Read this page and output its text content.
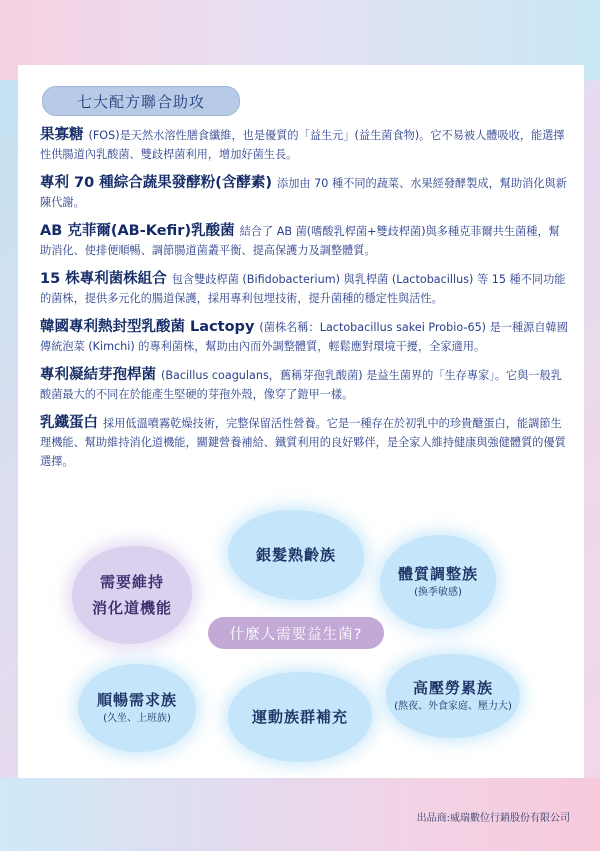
七大配方聯合助攻

果寡糖 (FOS)是天然水溶性膳食纖維，也是優質的「益生元」(益生菌食物)。它不易被人體吸收，能選擇性供腸道內乳酸菌、雙歧桿菌利用，增加好菌生長。

專利 70 種綜合蔬果發酵粉(含酵素) 添加由 70 種不同的蔬菜、水果經發酵製成，幫助消化與新陳代謝。

AB 克菲爾(AB-Kefir)乳酸菌 結合了 AB 菌(嗜酸乳桿菌+雙歧桿菌)與多種克菲爾共生菌種，幫助消化、使排便順暢、調節腸道菌叢平衡、提高保護力及調整體質。

15 株專利菌株組合 包含雙歧桿菌 (Bifidobacterium) 與乳桿菌 (Lactobacillus) 等 15 種不同功能的菌株，提供多元化的腸道保護，採用專利包埋技術，提升菌種的穩定性與活性。

韓國專利熱封型乳酸菌 Lactopy (菌株名稱：Lactobacillus sakei Probio-65) 是一種源自韓國傳統泡菜 (Kimchi) 的專利菌株，幫助由內而外調整體質，輕鬆應對環境干擾，全家適用。

專利凝結芽孢桿菌 (Bacillus coagulans，舊稱芽孢乳酸菌) 是益生菌界的「生存專家」。它與一般乳酸菌最大的不同在於能產生堅硬的芽孢外殼，像穿了鎧甲一樣。

乳鐵蛋白 採用低溫噴霧乾燥技術，完整保留活性營養。它是一種存在於初乳中的珍貴醣蛋白，能調節生理機能、幫助維持消化道機能，關鍵營養補給、鐵質利用的良好夥伴，是全家人維持健康與強健體質的優質選擇。

需要維持
消化道機能
銀髮熟齡族
體質調整族
(換季敏感)
順暢需求族
(久坐、上班族)	運動族群補充
高壓勞累族
(熬夜、外食家庭、壓力大)
什麼人需要益生菌?
出品商:威瑞數位行銷股份有限公司
